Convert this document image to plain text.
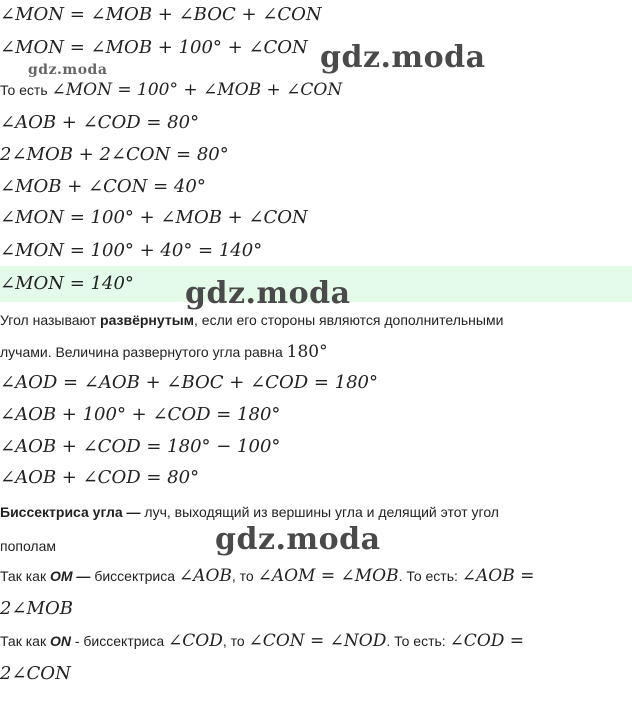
∠MON = ∠MOB + ∠BOC + ∠CON
∠MON = ∠MOB + 100° + ∠CON gdz.moda
gdz.moda
То есть ∠MON = 100° + ∠MOB + ∠CON
∠AOB + ∠COD = 80°
2∠MOB + 2∠CON = 80°
∠MOB + ∠CON = 40°
∠MON = 100° + ∠MOB + ∠CON
∠MON = 100° + 40° = 140°
∠MON = 140° gdz.moda
Угол называют развёрнутым, если его стороны являются дополнительными
лучами. Величина развернутого угла равна 180°
∠AOD = ∠AOB + ∠BOC + ∠COD = 180°
∠AOB + 100° + ∠COD = 180°
∠AOB + ∠COD = 180° − 100°
∠AOB + ∠COD = 80°
Биссектриса угла — луч, выходящий из вершины угла и делящий этот угол
пополам	gdz.moda
Так как OM — биссектриса ∠AOB, то ∠AOM = ∠MOB. То есть: ∠AOB =
2∠MOB
Так как ON - биссектриса ∠COD, то ∠CON = ∠NOD. То есть: ∠COD =
2∠CON
